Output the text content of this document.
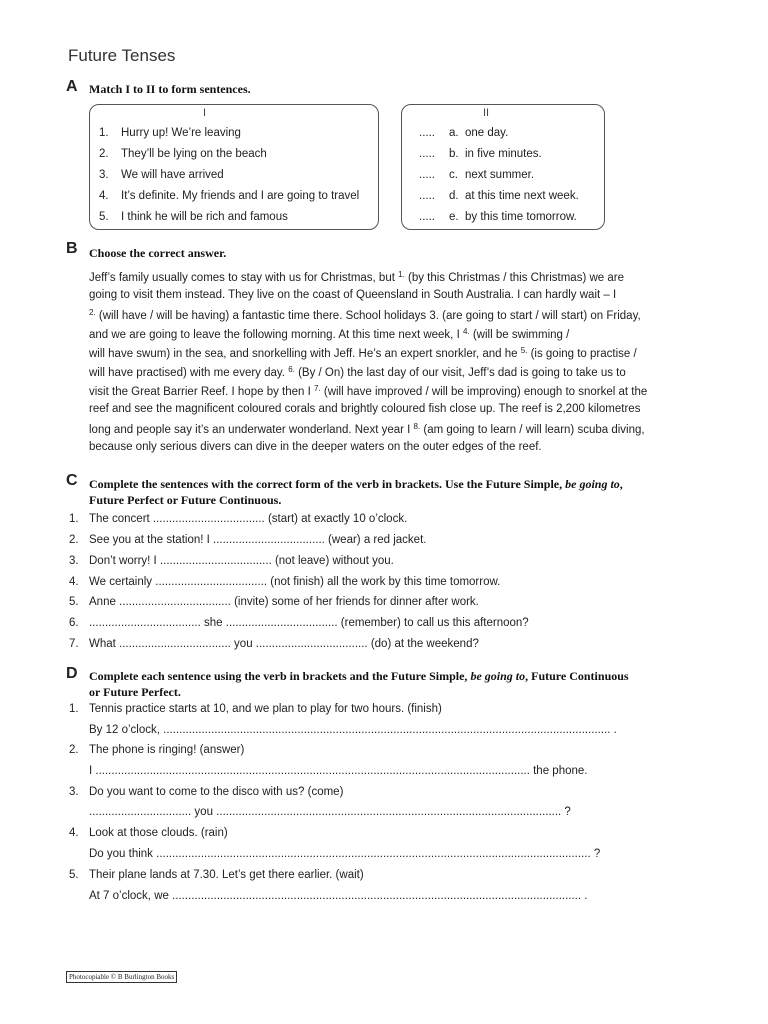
Future Tenses
A Match I to II to form sentences.
I	II
1. Hurry up! We’re leaving
2. They’ll be lying on the beach
3. We will have arrived
4. It’s definite. My friends and I are going to travel
5. I think he will be rich and famous
..... a. one day.
..... b. in five minutes.
..... c. next summer.
..... d. at this time next week.
..... e. by this time tomorrow.
B Choose the correct answer.
Jeff’s family usually comes to stay with us for Christmas, but $^{1.}$ (by this Christmas / this Christmas) we are
going to visit them instead. They live on the coast of Queensland in South Australia. I can hardly wait – I
$^{2.}$ (will have / will be having) a fantastic time there. School holidays 3. (are going to start / will start) on Friday,
and we are going to leave the following morning. At this time next week, I $^{4.}$ (will be swimming /
will have swum) in the sea, and snorkelling with Jeff. He’s an expert snorkler, and he $^{5.}$ (is going to practise /
will have practised) with me every day. $^{6.}$ (By / On) the last day of our visit, Jeff’s dad is going to take us to
visit the Great Barrier Reef. I hope by then I $^{7.}$ (will have improved / will be improving) enough to snorkel at the
reef and see the magnificent coloured corals and brightly coloured fish close up. The reef is 2,200 kilometres
long and people say it’s an underwater wonderland. Next year I $^{8.}$ (am going to learn / will learn) scuba diving,
because only serious divers can dive in the deeper waters on the outer edges of the reef.
C Complete the sentences with the correct form of the verb in brackets. Use the Future Simple, be going to,
Future Perfect or Future Continuous.
1. The concert ................................... (start) at exactly 10 o’clock.
2. See you at the station! I ................................... (wear) a red jacket.
3. Don’t worry! I ................................... (not leave) without you.
4. We certainly ................................... (not finish) all the work by this time tomorrow.
5. Anne ................................... (invite) some of her friends for dinner after work.
6. ................................... she ................................... (remember) to call us this afternoon?
7. What ................................... you ................................... (do) at the weekend?
D Complete each sentence using the verb in brackets and the Future Simple, be going to, Future Continuous
or Future Perfect.
1. Tennis practice starts at 10, and we plan to play for two hours. (finish)
By 12 o’clock, ............................................................................................................................................ .
2. The phone is ringing! (answer)
I ........................................................................................................................................ the phone.
3. Do you want to come to the disco with us? (come)
................................ you ............................................................................................................ ?
4. Look at those clouds. (rain)
Do you think ........................................................................................................................................ ?
5. Their plane lands at 7.30. Let’s get there earlier. (wait)
At 7 o’clock, we ................................................................................................................................ .
Photocopiable © B Burlington Books
